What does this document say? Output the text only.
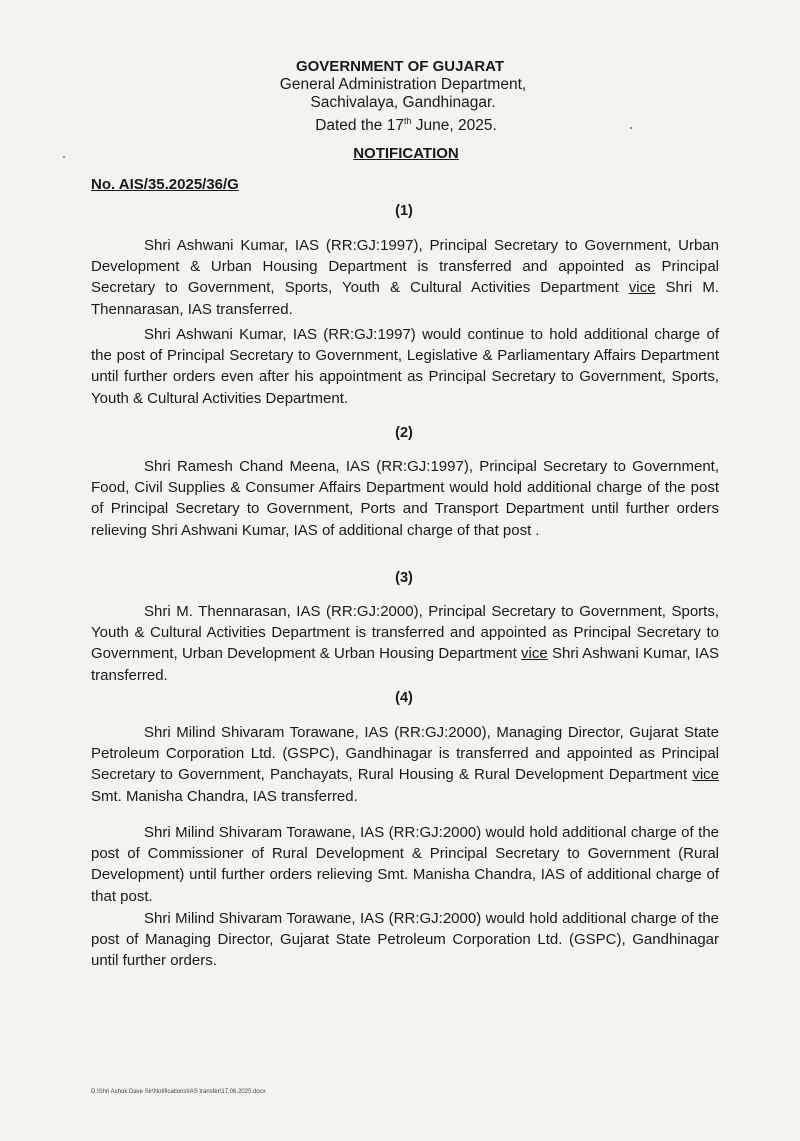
GOVERNMENT OF GUJARAT
General Administration Department,
Sachivalaya, Gandhinagar.
Dated the 17th June, 2025.
NOTIFICATION
No. AIS/35.2025/36/G
(1)
Shri Ashwani Kumar, IAS (RR:GJ:1997), Principal Secretary to Government, Urban Development & Urban Housing Department is transferred and appointed as Principal Secretary to Government, Sports, Youth & Cultural Activities Department vice Shri M. Thennarasan, IAS transferred.
Shri Ashwani Kumar, IAS (RR:GJ:1997) would continue to hold additional charge of the post of Principal Secretary to Government, Legislative & Parliamentary Affairs Department until further orders even after his appointment as Principal Secretary to Government, Sports, Youth & Cultural Activities Department.
(2)
Shri Ramesh Chand Meena, IAS (RR:GJ:1997), Principal Secretary to Government, Food, Civil Supplies & Consumer Affairs Department would hold additional charge of the post of Principal Secretary to Government, Ports and Transport Department until further orders relieving Shri Ashwani Kumar, IAS of additional charge of that post .
(3)
Shri M. Thennarasan, IAS (RR:GJ:2000), Principal Secretary to Government, Sports, Youth & Cultural Activities Department is transferred and appointed as Principal Secretary to Government, Urban Development & Urban Housing Department vice Shri Ashwani Kumar, IAS transferred.
(4)
Shri Milind Shivaram Torawane, IAS (RR:GJ:2000), Managing Director, Gujarat State Petroleum Corporation Ltd. (GSPC), Gandhinagar is transferred and appointed as Principal Secretary to Government, Panchayats, Rural Housing & Rural Development Department vice Smt. Manisha Chandra, IAS transferred.
Shri Milind Shivaram Torawane, IAS (RR:GJ:2000) would hold additional charge of the post of Commissioner of Rural Development & Principal Secretary to Government (Rural Development) until further orders relieving Smt. Manisha Chandra, IAS of additional charge of that post.
Shri Milind Shivaram Torawane, IAS (RR:GJ:2000) would hold additional charge of the post of Managing Director, Gujarat State Petroleum Corporation Ltd. (GSPC), Gandhinagar until further orders.
D:\Shri Ashok Dave Sir\Notifications\IAS transfer\17.06.2025.docx
